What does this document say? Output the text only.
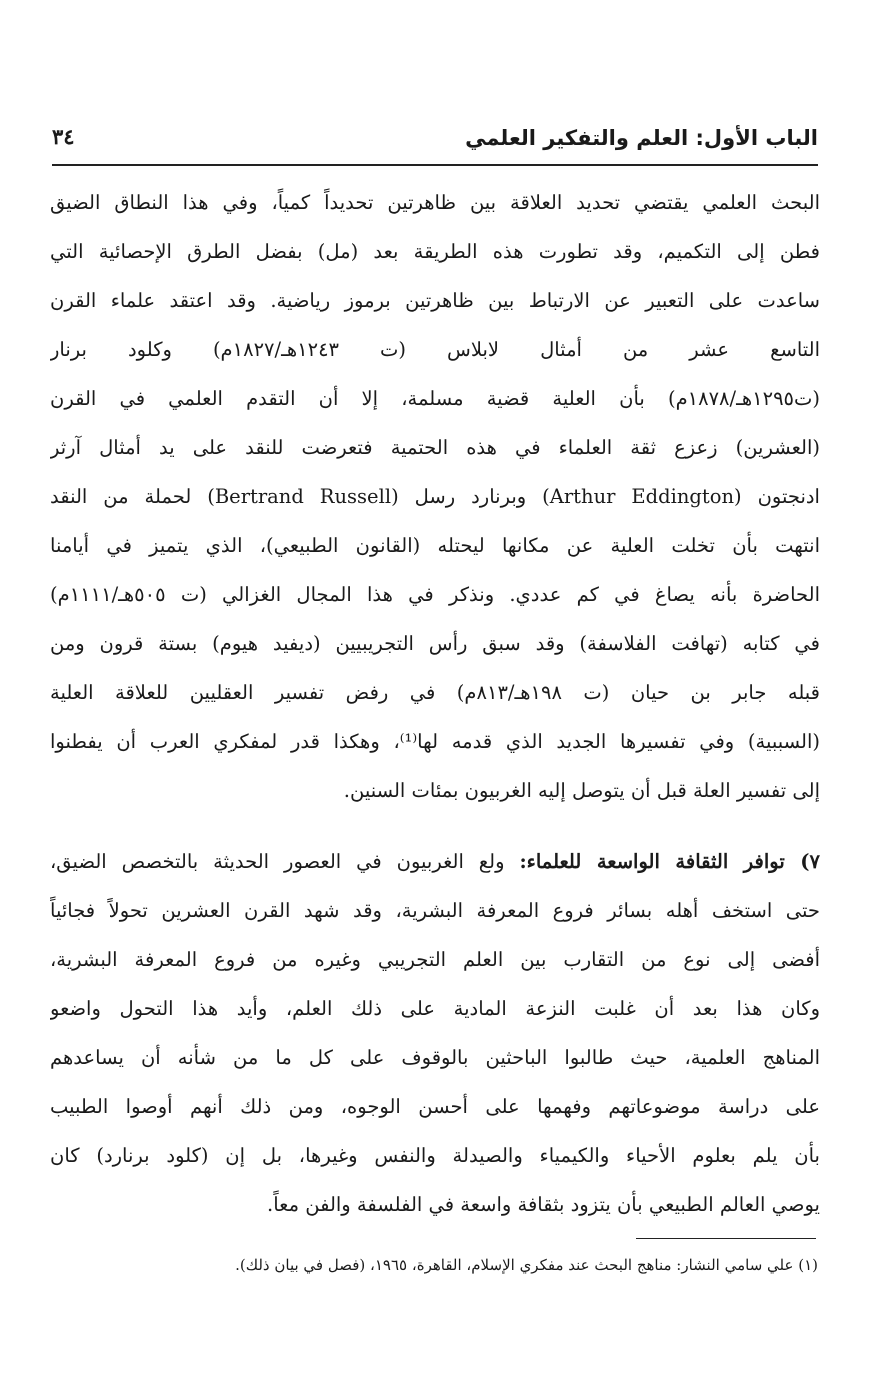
الباب الأول: العلم والتفكير العلمي
٣٤
البحث العلمي يقتضي تحديد العلاقة بين ظاهرتين تحديداً كمياً، وفي هذا النطاق الضيق
فطن إلى التكميم، وقد تطورت هذه الطريقة بعد (مل) بفضل الطرق الإحصائية التي
ساعدت على التعبير عن الارتباط بين ظاهرتين برموز رياضية. وقد اعتقد علماء القرن
التاسع عشر من أمثال لابلاس (ت ١٢٤٣هـ/١٨٢٧م) وكلود برنار
(ت١٢٩٥هـ/١٨٧٨م) بأن العلية قضية مسلمة، إلا أن التقدم العلمي في القرن
(العشرين) زعزع ثقة العلماء في هذه الحتمية فتعرضت للنقد على يد أمثال آرثر
ادنجتون (Arthur Eddington) وبرنارد رسل (Bertrand Russell) لحملة من النقد
انتهت بأن تخلت العلية عن مكانها ليحتله (القانون الطبيعي)، الذي يتميز في أيامنا
الحاضرة بأنه يصاغ في كم عددي. ونذكر في هذا المجال الغزالي (ت ٥٠٥هـ/١١١١م)
في كتابه (تهافت الفلاسفة) وقد سبق رأس التجريبيين (ديفيد هيوم) بستة قرون ومن
قبله جابر بن حيان (ت ١٩٨هـ/٨١٣م) في رفض تفسير العقليين للعلاقة العلية
(السببية) وفي تفسيرها الجديد الذي قدمه لها⁽¹⁾، وهكذا قدر لمفكري العرب أن يفطنوا
إلى تفسير العلة قبل أن يتوصل إليه الغربيون بمئات السنين.
٧) توافر الثقافة الواسعة للعلماء: ولع الغربيون في العصور الحديثة بالتخصص الضيق،
حتى استخف أهله بسائر فروع المعرفة البشرية، وقد شهد القرن العشرين تحولاً فجائياً
أفضى إلى نوع من التقارب بين العلم التجريبي وغيره من فروع المعرفة البشرية،
وكان هذا بعد أن غلبت النزعة المادية على ذلك العلم، وأيد هذا التحول واضعو
المناهج العلمية، حيث طالبوا الباحثين بالوقوف على كل ما من شأنه أن يساعدهم
على دراسة موضوعاتهم وفهمها على أحسن الوجوه، ومن ذلك أنهم أوصوا الطبيب
بأن يلم بعلوم الأحياء والكيمياء والصيدلة والنفس وغيرها، بل إن (كلود برنارد) كان
يوصي العالم الطبيعي بأن يتزود بثقافة واسعة في الفلسفة والفن معاً.
(١) علي سامي النشار: مناهج البحث عند مفكري الإسلام، القاهرة، ١٩٦٥، (فصل في بيان ذلك).
